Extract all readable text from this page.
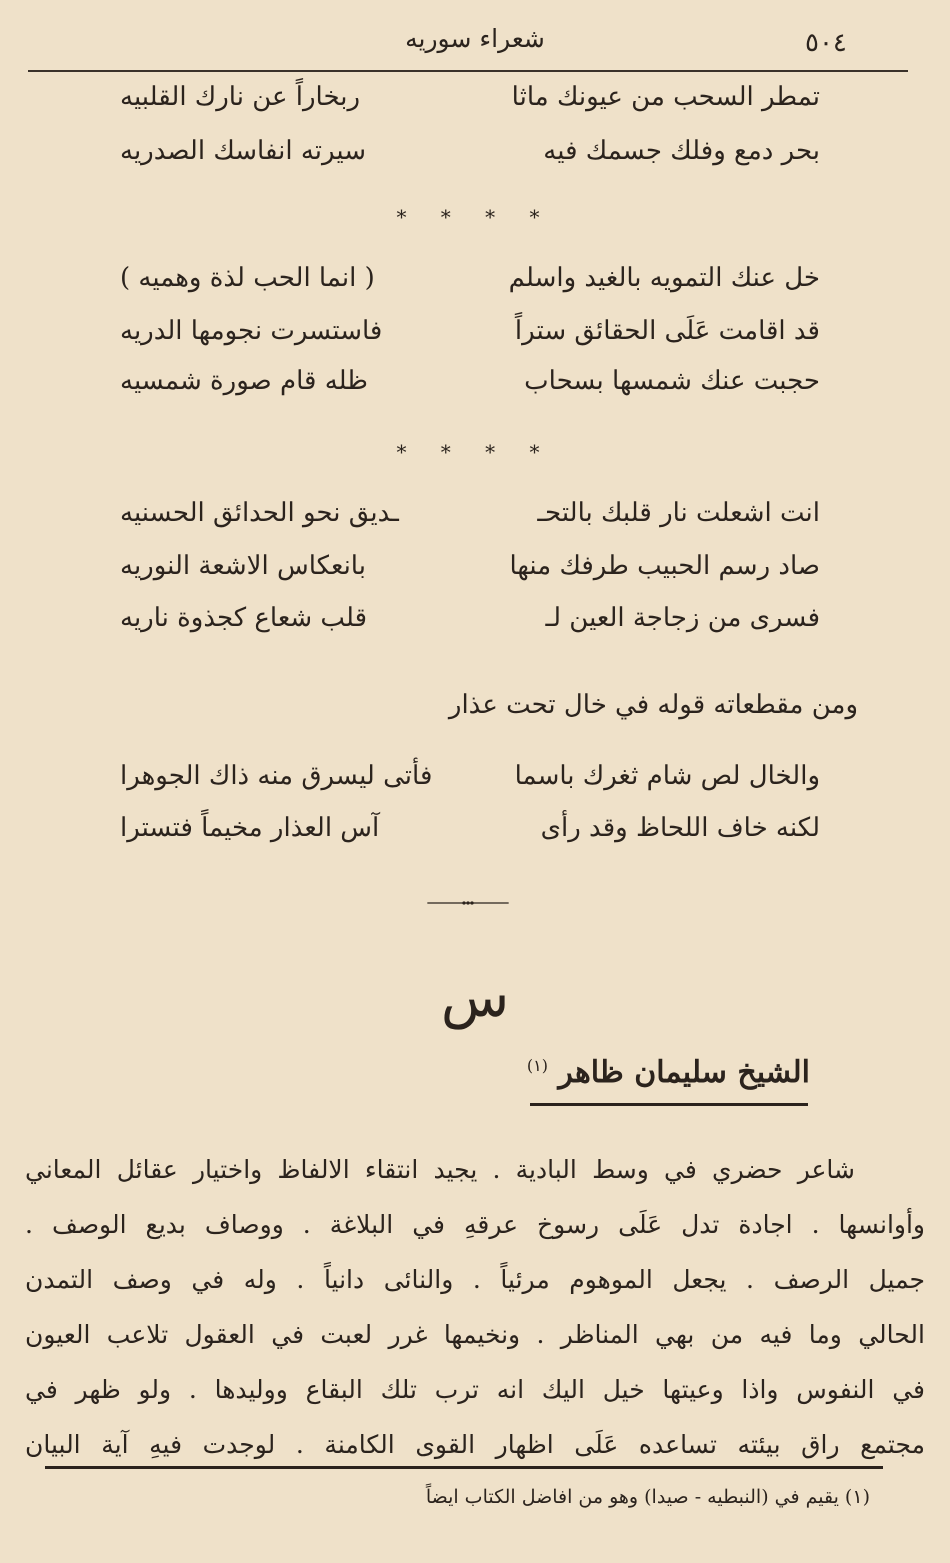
٥٠٤
شعراء سوريه
تمطر السحب من عيونك ماثا
ربخاراً عن نارك القلبيه
بحر دمع وفلك جسمك فيه
سيرته انفاسك الصدريه
* * * *
خل عنك التمويه بالغيد واسلم
( انما الحب لذة وهميه )
قد اقامت عَلَى الحقائق ستراً
فاستسرت نجومها الدريه
حجبت عنك شمسها بسحاب
ظله قام صورة شمسيه
* * * *
انت اشعلت نار قلبك بالتحـ
ـديق نحو الحدائق الحسنيه
صاد رسم الحبيب طرفك منها
بانعكاس الاشعة النوريه
فسرى من زجاجة العين لـ
قلب شعاع كجذوة ناريه
ومن مقطعاته قوله في خال تحت عذار
والخال لص شام ثغرك باسما
فأتى ليسرق منه ذاك الجوهرا
لكنه خاف اللحاظ وقد رأى
آس العذار مخيماً فتسترا
س
الشيخ سليمان ظاهر $^{(١)}$
شاعر حضري في وسط البادية . يجيد انتقاء الالفاظ واختيار عقائل المعاني
وأوانسها . اجادة تدل عَلَى رسوخ عرقهِ في البلاغة . ووصاف بديع الوصف .
جميل الرصف . يجعل الموهوم مرئياً . والنائى دانياً . وله في وصف التمدن
الحالي وما فيه من بهي المناظر . ونخيمها غرر لعبت في العقول تلاعب العيون
في النفوس واذا وعيتها خيل اليك انه ترب تلك البقاع ووليدها . ولو ظهر في
مجتمع راق بيئته تساعده عَلَى اظهار القوى الكامنة . لوجدت فيهِ آية البيان
(١) يقيم في (النبطيه - صيدا) وهو من افاضل الكتاب ايضاً
